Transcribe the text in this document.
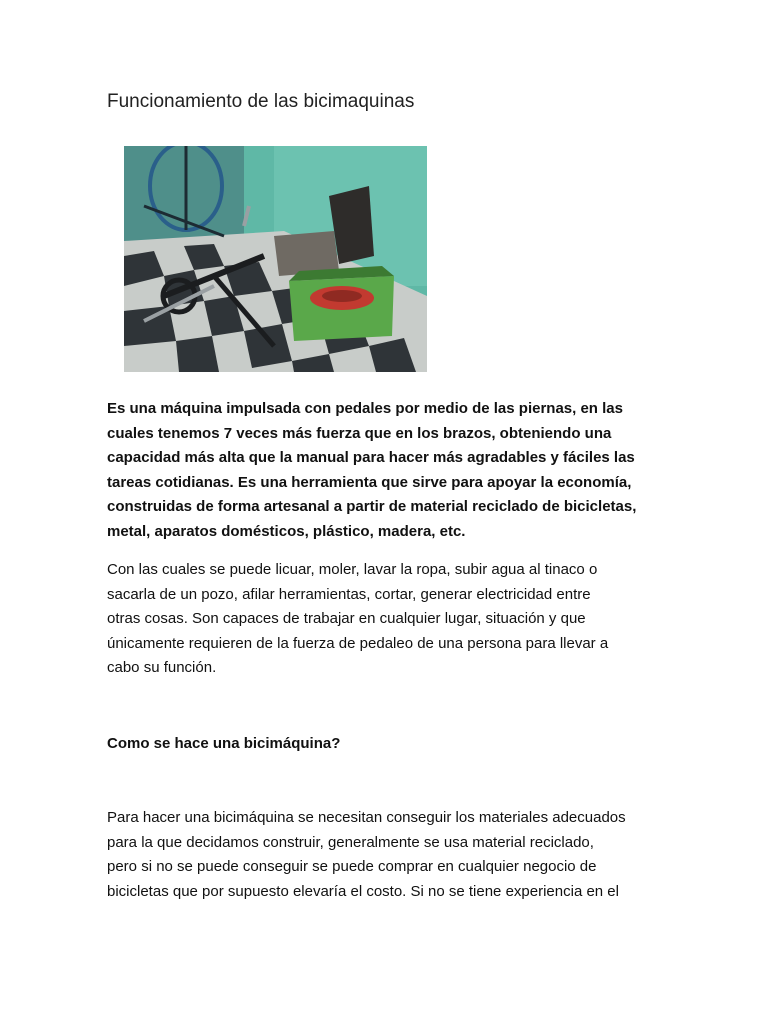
Funcionamiento de las bicimaquinas

Es una máquina impulsada con pedales por medio de las piernas, en las
cuales tenemos 7 veces más fuerza que en los brazos, obteniendo una
capacidad más alta que la manual para hacer más agradables y fáciles las
tareas cotidianas. Es una herramienta que sirve para apoyar la economía,
construidas de forma artesanal a partir de material reciclado de bicicletas,
metal, aparatos domésticos, plástico, madera, etc.

Con las cuales se puede licuar, moler, lavar la ropa, subir agua al tinaco o
sacarla de un pozo, afilar herramientas, cortar, generar electricidad entre
otras cosas. Son capaces de trabajar en cualquier lugar, situación y que
únicamente requieren de la fuerza de pedaleo de una persona para llevar a
cabo su función.

Como se hace una bicimáquina?

Para hacer una bicimáquina se necesitan conseguir los materiales adecuados
para la que decidamos construir, generalmente se usa material reciclado,
pero si no se puede conseguir se puede comprar en cualquier negocio de
bicicletas que por supuesto elevaría el costo. Si no se tiene experiencia en el
